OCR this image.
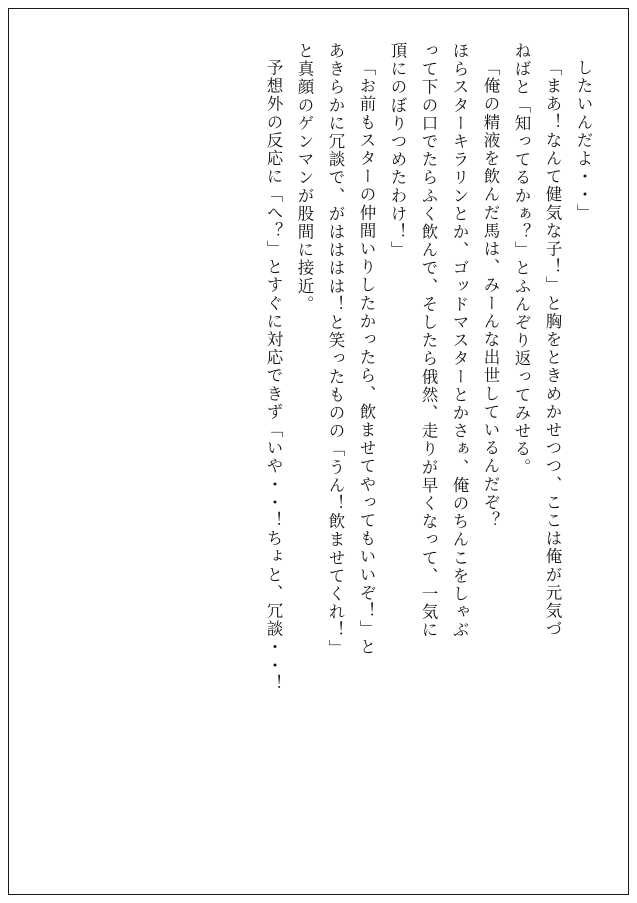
したいんだよ・・」
「まあ！なんて健気な子！」と胸をときめかせつつ、ここは俺が元気づ
ねばと「知ってるかぁ？」とふんぞり返ってみせる。
「俺の精液を飲んだ馬は、みーんな出世しているんだぞ？
ほらスターキラリンとか、ゴッドマスターとかさぁ、俺のちんこをしゃぶ
って下の口でたらふく飲んで、そしたら俄然、走りが早くなって、一気に
頂にのぼりつめたわけ！」
「お前もスターの仲間いりしたかったら、飲ませてやってもいいぞ！」と
あきらかに冗談で、がはははは！と笑ったものの「うん！飲ませてくれ！」
と真顔のゲンマンが股間に接近。
予想外の反応に「へ？」とすぐに対応できず「いや・・！ちょと、冗談・・！
